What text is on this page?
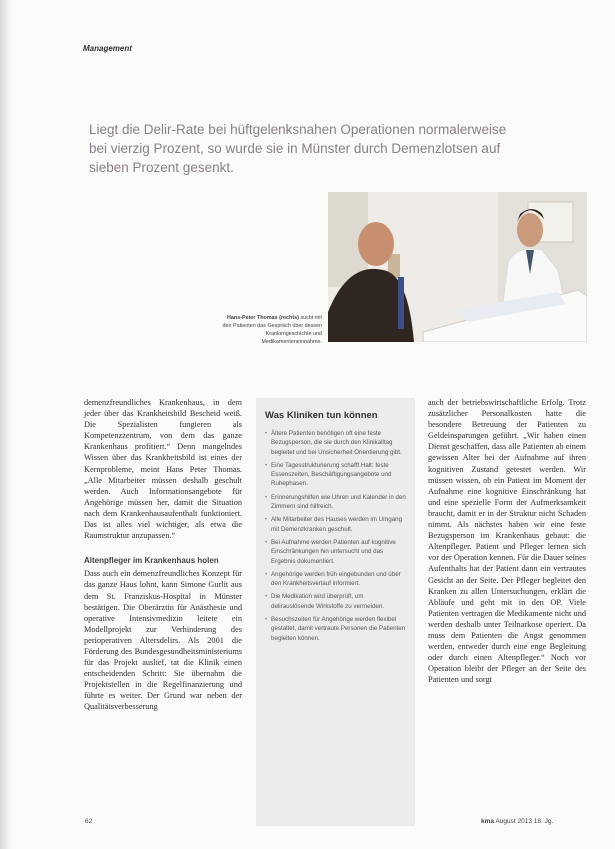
Management
Liegt die Delir-Rate bei hüftgelenksnahen Operationen normalerweise bei vierzig Prozent, so wurde sie in Münster durch Demenzlotsen auf sieben Prozent gesenkt.
Hans-Peter Thomas (rechts) sucht mit den Patienten das Gespräch über dessen Krankengeschichte und Medikamenteneinnahme.

demenzfreundliches Krankenhaus, in dem jeder über das Krankheitsbild Bescheid weiß. Die Spezialisten fungieren als Kompetenzzentrum, von dem das ganze Krankenhaus profitiert.“ Denn mangelndes Wissen über das Krankheitsbild ist eines der Kernprobleme, meint Hans Peter Thomas. „Alle Mitarbeiter müssen deshalb geschult werden. Auch Informationsangebote für Angehörige müssen her, damit die Situation nach dem Krankenhausaufenthalt funktioniert. Das ist alles viel wichtiger, als etwa die Raumstruktur anzupassen.“

Altenpfleger im Krankenhaus holen

Dass auch ein demenzfreundliches Konzept für das ganze Haus lohnt, kann Simone Gurlit aus dem St. Franziskus-Hospital in Münster bestätigen. Die Oberärztin für Anästhesie und operative Intensivmedizin leitete ein Modellprojekt zur Verhinderung des perioperativen Altersdelirs. Als 2001 die Förderung des Bundesgesundheitsministeriums für das Projekt auslief, tat die Klinik einen entscheidenden Schritt: Sie übernahm die Projektstellen in die Regelfinanzierung und führte es weiter. Der Grund war neben der Qualitätsverbesserung

Was Kliniken tun können
• Ältere Patienten benötigen oft eine feste Bezugsperson, die sie durch den Klinikalltag begleitet und bei Unsicherheit Orientierung gibt.
• Eine Tagesstrukturierung schafft Halt: feste Essenszeiten, Beschäftigungsangebote und Ruhephasen.
• Erinnerungshilfen wie Uhren und Kalender in den Zimmern sind hilfreich.
• Alle Mitarbeiter des Hauses werden im Umgang mit Demenzkranken geschult.
• Bei Aufnahme werden Patienten auf kognitive Einschränkungen hin untersucht und das Ergebnis dokumentiert.
• Angehörige werden früh eingebunden und über den Krankheitsverlauf informiert.
• Die Medikation wird überprüft, um delirauslösende Wirkstoffe zu vermeiden.
• Besuchszeiten für Angehörige werden flexibel gestaltet, damit vertraute Personen die Patienten begleiten können.

auch der betriebswirtschaftliche Erfolg. Trotz zusätzlicher Personalkosten hatte die besondere Betreuung der Patienten zu Geldeinsparungen geführt. „Wir haben einen Dienst geschaffen, dass alle Patienten ab einem gewissen Alter bei der Aufnahme auf ihren kognitiven Zustand getestet werden. Wir müssen wissen, ob ein Patient im Moment der Aufnahme eine kognitive Einschränkung hat und eine spezielle Form der Aufmerksamkeit braucht, damit er in der Struktur nicht Schaden nimmt. Als nächstes haben wir eine feste Bezugsperson im Krankenhaus gebaut: die Altenpfleger. Patient und Pfleger lernen sich vor der Operation kennen. Für die Dauer seines Aufenthalts hat der Patient dann ein vertrautes Gesicht an der Seite. Der Pfleger begleitet den Kranken zu allen Untersuchungen, erklärt die Abläufe und geht mit in den OP. Viele Patienten vertragen die Medikamente nicht und werden deshalb unter Teilnarkose operiert. Da muss dem Patienten die Angst genommen werden, entweder durch eine enge Begleitung oder durch einen Altenpfleger.“ Noch vor Operation bleibt der Pfleger an der Seite des Patienten und sorgt

62	kma August 2013 18. Jg.
